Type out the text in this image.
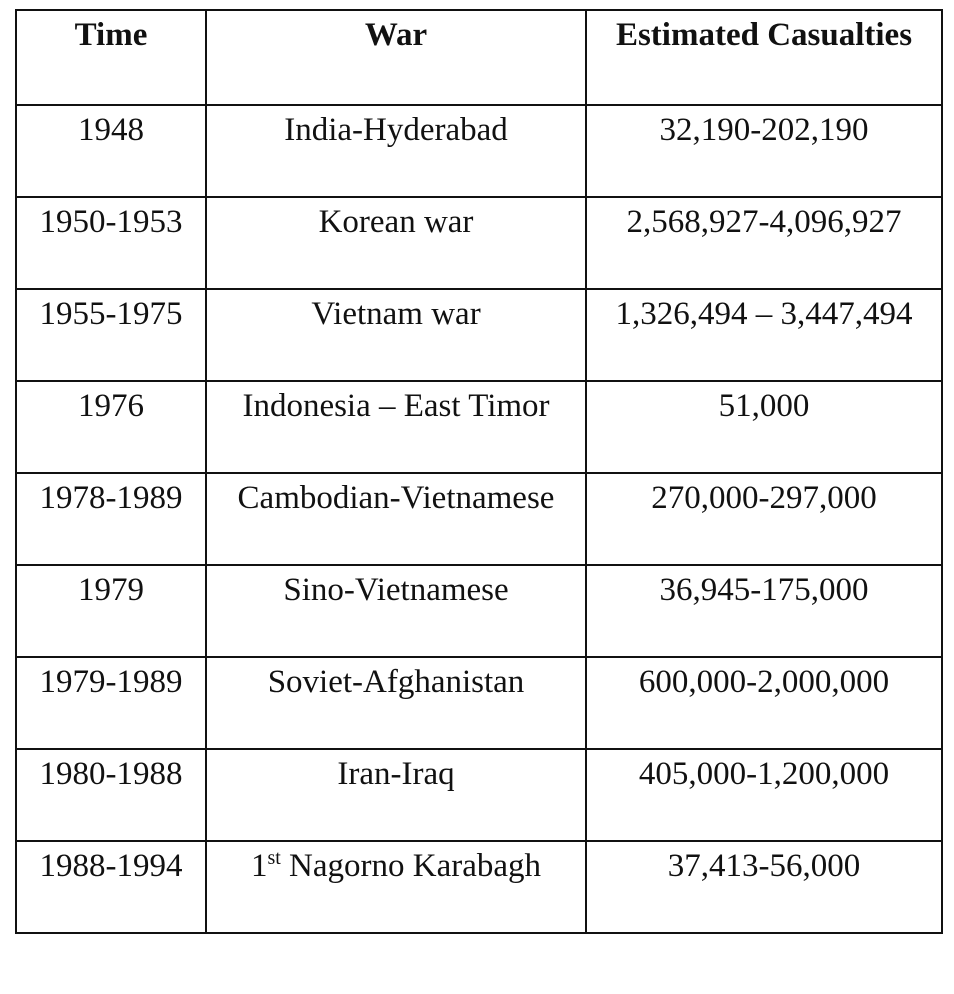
Time	War	Estimated Casualties
1948	India-Hyderabad	32,190-202,190
1950-1953	Korean war	2,568,927-4,096,927
1955-1975	Vietnam war	1,326,494 – 3,447,494
1976	Indonesia – East Timor	51,000
1978-1989	Cambodian-Vietnamese	270,000-297,000
1979	Sino-Vietnamese	36,945-175,000
1979-1989	Soviet-Afghanistan	600,000-2,000,000
1980-1988	Iran-Iraq	405,000-1,200,000
1988-1994	1st Nagorno Karabagh	37,413-56,000
